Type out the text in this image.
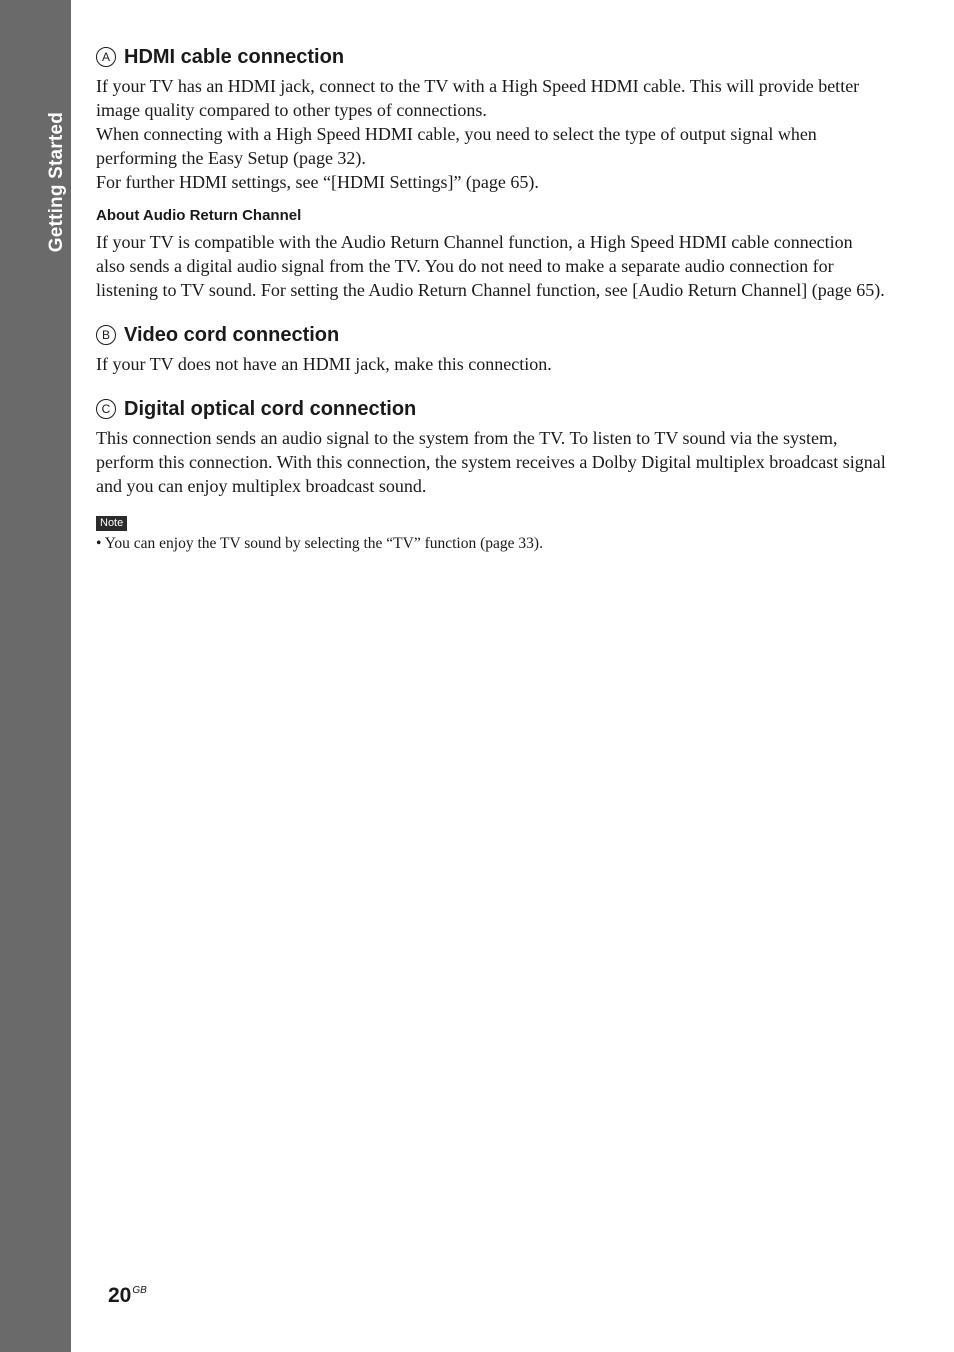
Getting Started
A HDMI cable connection

If your TV has an HDMI jack, connect to the TV with a High Speed HDMI cable. This will provide better image quality compared to other types of connections.

When connecting with a High Speed HDMI cable, you need to select the type of output signal when performing the Easy Setup (page 32).

For further HDMI settings, see “[HDMI Settings]” (page 65).

About Audio Return Channel

If your TV is compatible with the Audio Return Channel function, a High Speed HDMI cable connection also sends a digital audio signal from the TV. You do not need to make a separate audio connection for listening to TV sound. For setting the Audio Return Channel function, see [Audio Return Channel] (page 65).

B Video cord connection

If your TV does not have an HDMI jack, make this connection.

C Digital optical cord connection

This connection sends an audio signal to the system from the TV. To listen to TV sound via the system, perform this connection. With this connection, the system receives a Dolby Digital multiplex broadcast signal and you can enjoy multiplex broadcast sound.

Note

• You can enjoy the TV sound by selecting the “TV” function (page 33).

$20^{GB}$
